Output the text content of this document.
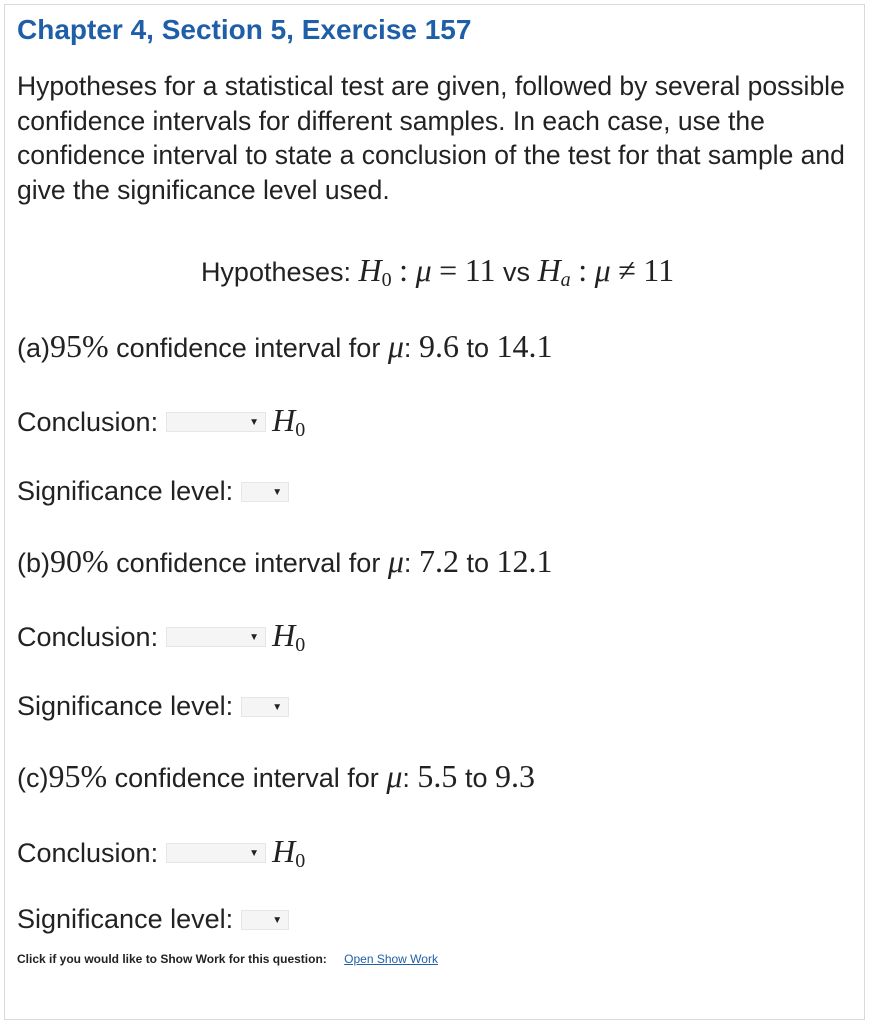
Chapter 4, Section 5, Exercise 157
Hypotheses for a statistical test are given, followed by several possible confidence intervals for different samples. In each case, use the confidence interval to state a conclusion of the test for that sample and give the significance level used.
Hypotheses: $H_0$ : μ = 11 vs Ha : μ ≠ 11
(a)95% confidence interval for μ: 9.6 to 14.1
Conclusion:	▼ $H_0$
Significance level:	▼
(b)90% confidence interval for μ: 7.2 to 12.1
Conclusion:	▼ $H_0$
Significance level:	▼
(c)95% confidence interval for μ: 5.5 to 9.3
Conclusion:	▼ $H_0$
Significance level:	▼
Click if you would like to Show Work for this question: Open Show Work
